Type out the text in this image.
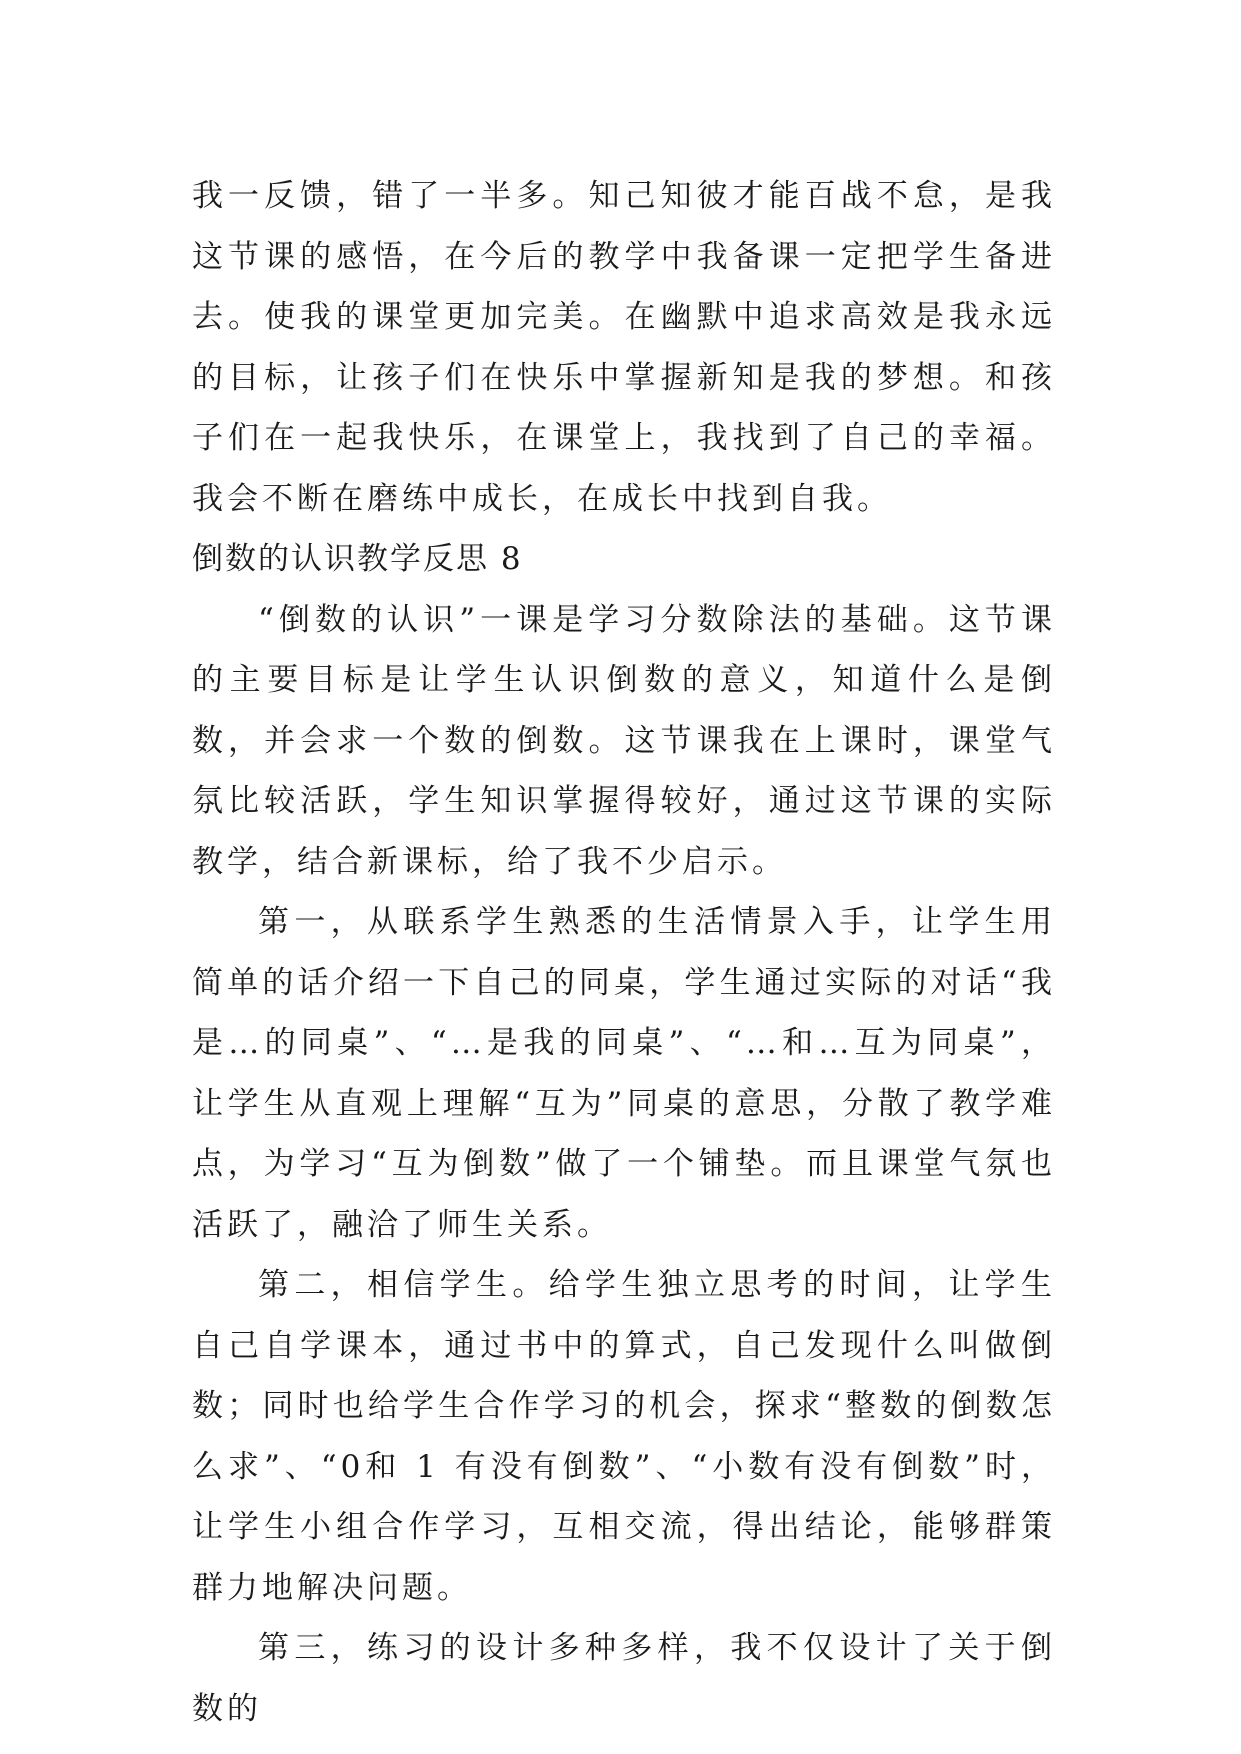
我一反馈，错了一半多。知己知彼才能百战不怠，是我这节课的感悟，在今后的教学中我备课一定把学生备进去。使我的课堂更加完美。在幽默中追求高效是我永远的目标，让孩子们在快乐中掌握新知是我的梦想。和孩子们在一起我快乐，在课堂上，我找到了自己的幸福。我会不断在磨练中成长，在成长中找到自我。

倒数的认识教学反思 8

“倒数的认识”一课是学习分数除法的基础。这节课的主要目标是让学生认识倒数的意义，知道什么是倒数，并会求一个数的倒数。这节课我在上课时，课堂气氛比较活跃，学生知识掌握得较好，通过这节课的实际教学，结合新课标，给了我不少启示。

第一，从联系学生熟悉的生活情景入手，让学生用简单的话介绍一下自己的同桌，学生通过实际的对话“我是…的同桌”、“…是我的同桌”、“…和…互为同桌”，让学生从直观上理解“互为”同桌的意思，分散了教学难点，为学习“互为倒数”做了一个铺垫。而且课堂气氛也活跃了，融洽了师生关系。

第二，相信学生。给学生独立思考的时间，让学生自己自学课本，通过书中的算式，自己发现什么叫做倒数；同时也给学生合作学习的机会，探求“整数的倒数怎么求”、“0和 1 有没有倒数”、“小数有没有倒数”时，让学生小组合作学习，互相交流，得出结论，能够群策群力地解决问题。

第三，练习的设计多种多样，我不仅设计了关于倒数的
